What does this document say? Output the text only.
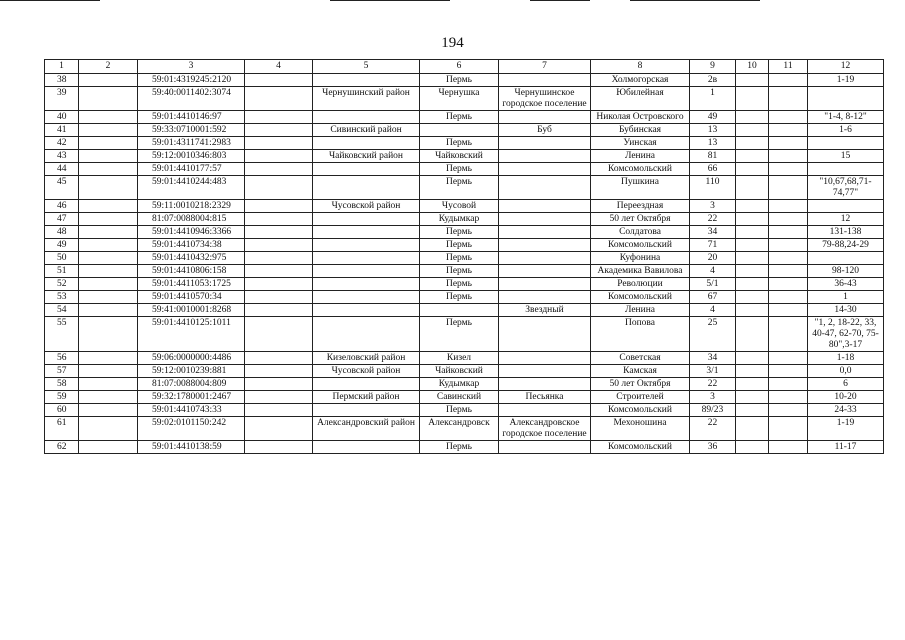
194
1	2	3	4	5	6	7	8	9	10	11	12
38		59:01:4319245:2120			Пермь		Холмогорская	2в			1-19
39		59:40:0011402:3074		Чернушинский район	Чернушка	Чернушинское городское поселение	Юбилейная	1			
40		59:01:4410146:97			Пермь		Николая Островского	49			"1-4, 8-12"
41		59:33:0710001:592		Сивинский район		Буб	Бубинская	13			1-6
42		59:01:4311741:2983			Пермь		Уинская	13			
43		59:12:0010346:803		Чайковский район	Чайковский		Ленина	81			15
44		59:01:4410177:57			Пермь		Комсомольский	66			
45		59:01:4410244:483			Пермь		Пушкина	110			"10,67,68,71-74,77"
46		59:11:0010218:2329		Чусовской район	Чусовой		Переездная	3			
47		81:07:0088004:815			Кудымкар		50 лет Октября	22			12
48		59:01:4410946:3366			Пермь		Солдатова	34			131-138
49		59:01:4410734:38			Пермь		Комсомольский	71			79-88,24-29
50		59:01:4410432:975			Пермь		Куфонина	20			
51		59:01:4410806:158			Пермь		Академика Вавилова	4			98-120
52		59:01:4411053:1725			Пермь		Революции	5/1			36-43
53		59:01:4410570:34			Пермь		Комсомольский	67			1
54		59:41:0010001:8268				Звездный	Ленина	4			14-30
55		59:01:4410125:1011			Пермь		Попова	25			"1, 2, 18-22, 33, 40-47, 62-70, 75-80",3-17
56		59:06:0000000:4486		Кизеловский район	Кизел		Советская	34			1-18
57		59:12:0010239:881		Чусовской район	Чайковский		Камская	3/1			0,0
58		81:07:0088004:809			Кудымкар		50 лет Октября	22			6
59		59:32:1780001:2467		Пермский район	Савинский	Песьянка	Строителей	3			10-20
60		59:01:4410743:33			Пермь		Комсомольский	89/23			24-33
61		59:02:0101150:242		Александровский район	Александровск	Александровское городское поселение	Мехоношина	22			1-19
62		59:01:4410138:59			Пермь		Комсомольский	36			11-17
